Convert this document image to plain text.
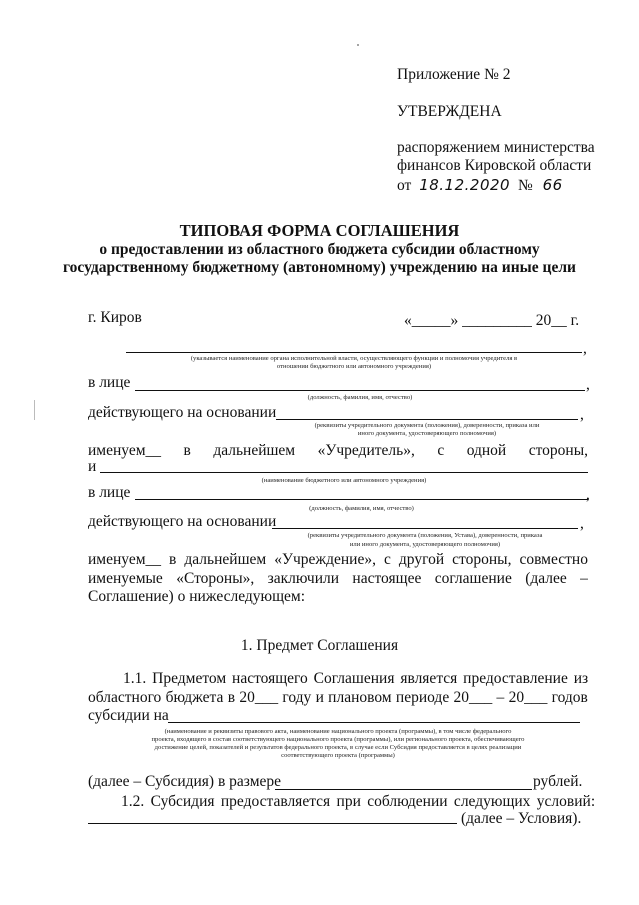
Приложение № 2
УТВЕРЖДЕНА
распоряжением министерства
финансов Кировской области
от 18.12.2020 № 66
ТИПОВАЯ ФОРМА СОГЛАШЕНИЯ
о предоставлении из областного бюджета субсидии областному
государственному бюджетному (автономному) учреждению на иные цели
г. Киров	«_____» _________ 20__ г.
,
(указывается наименование органа исполнительной власти, осуществляющего функции и полномочия учредителя в
отношении бюджетного или автономного учреждения)
в лице	,
(должность, фамилия, имя, отчество)
действующего на основании	,
(реквизиты учредительного документа (положения), доверенности, приказа или
иного документа, удостоверяющего полномочия)
именуем__ в дальнейшем «Учредитель», с одной стороны,
и
(наименование бюджетного или автономного учреждения)
в лице	,
(должность, фамилия, имя, отчество)
действующего на основании	,
(реквизиты учредительного документа (положения, Устава), доверенности, приказа
или иного документа, удостоверяющего полномочия)
именуем__ в дальнейшем «Учреждение», с другой стороны, совместно
именуемые «Стороны», заключили настоящее соглашение (далее –
Соглашение) о нижеследующем:
1. Предмет Соглашения
1.1. Предметом настоящего Соглашения является предоставление из
областного бюджета в 20___ году и плановом периоде 20___ – 20___ годов
субсидии на
(наименование и реквизиты правового акта, наименование национального проекта (программы), в том числе федерального
проекта, входящего в состав соответствующего национального проекта (программы), или регионального проекта, обеспечивающего
достижение целей, показателей и результатов федерального проекта, в случае если Субсидия предоставляется в целях реализации
соответствующего проекта (программы)
(далее – Субсидия) в размере	рублей.
1.2. Субсидия предоставляется при соблюдении следующих условий:
(далее – Условия).
